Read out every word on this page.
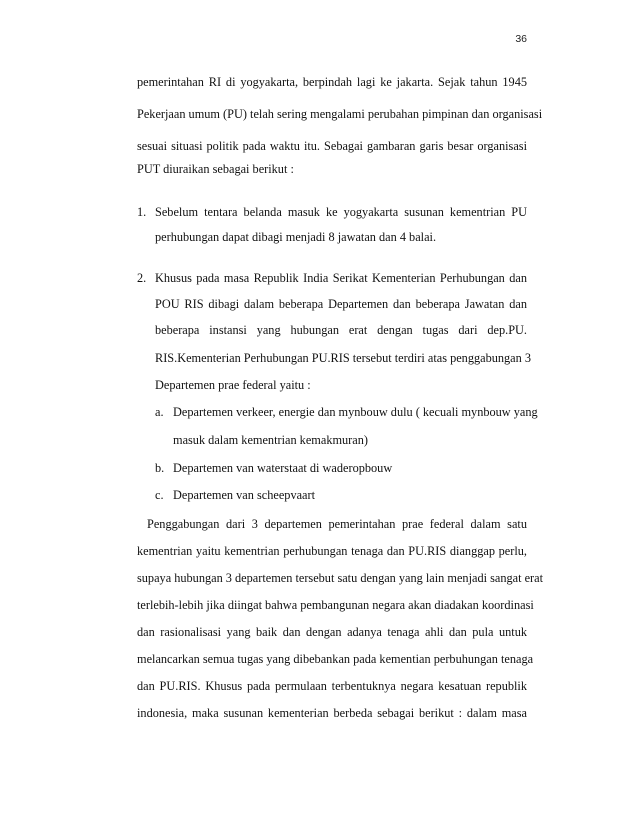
36
pemerintahan RI di yogyakarta, berpindah lagi ke jakarta. Sejak tahun 1945
Pekerjaan umum (PU) telah sering mengalami perubahan pimpinan dan organisasi
sesuai situasi politik pada waktu itu. Sebagai gambaran garis besar organisasi
PUT diuraikan sebagai berikut :
1. Sebelum tentara belanda masuk ke yogyakarta susunan kementrian PU
perhubungan dapat dibagi menjadi 8 jawatan dan 4 balai.
2. Khusus pada masa Republik India Serikat Kementerian Perhubungan dan
POU RIS dibagi dalam beberapa Departemen dan beberapa Jawatan dan
beberapa instansi yang hubungan erat dengan tugas dari dep.PU.
RIS.Kementerian Perhubungan PU.RIS tersebut terdiri atas penggabungan 3
Departemen prae federal yaitu :
a. Departemen verkeer, energie dan mynbouw dulu ( kecuali mynbouw yang
masuk dalam kementrian kemakmuran)
b. Departemen van waterstaat di waderopbouw
c. Departemen van scheepvaart
Penggabungan dari 3 departemen pemerintahan prae federal dalam satu
kementrian yaitu kementrian perhubungan tenaga dan PU.RIS dianggap perlu,
supaya hubungan 3 departemen tersebut satu dengan yang lain menjadi sangat erat
terlebih-lebih jika diingat bahwa pembangunan negara akan diadakan koordinasi
dan rasionalisasi yang baik dan dengan adanya tenaga ahli dan pula untuk
melancarkan semua tugas yang dibebankan pada kementian perbuhungan tenaga
dan PU.RIS. Khusus pada permulaan terbentuknya negara kesatuan republik
indonesia, maka susunan kementerian berbeda sebagai berikut : dalam masa
